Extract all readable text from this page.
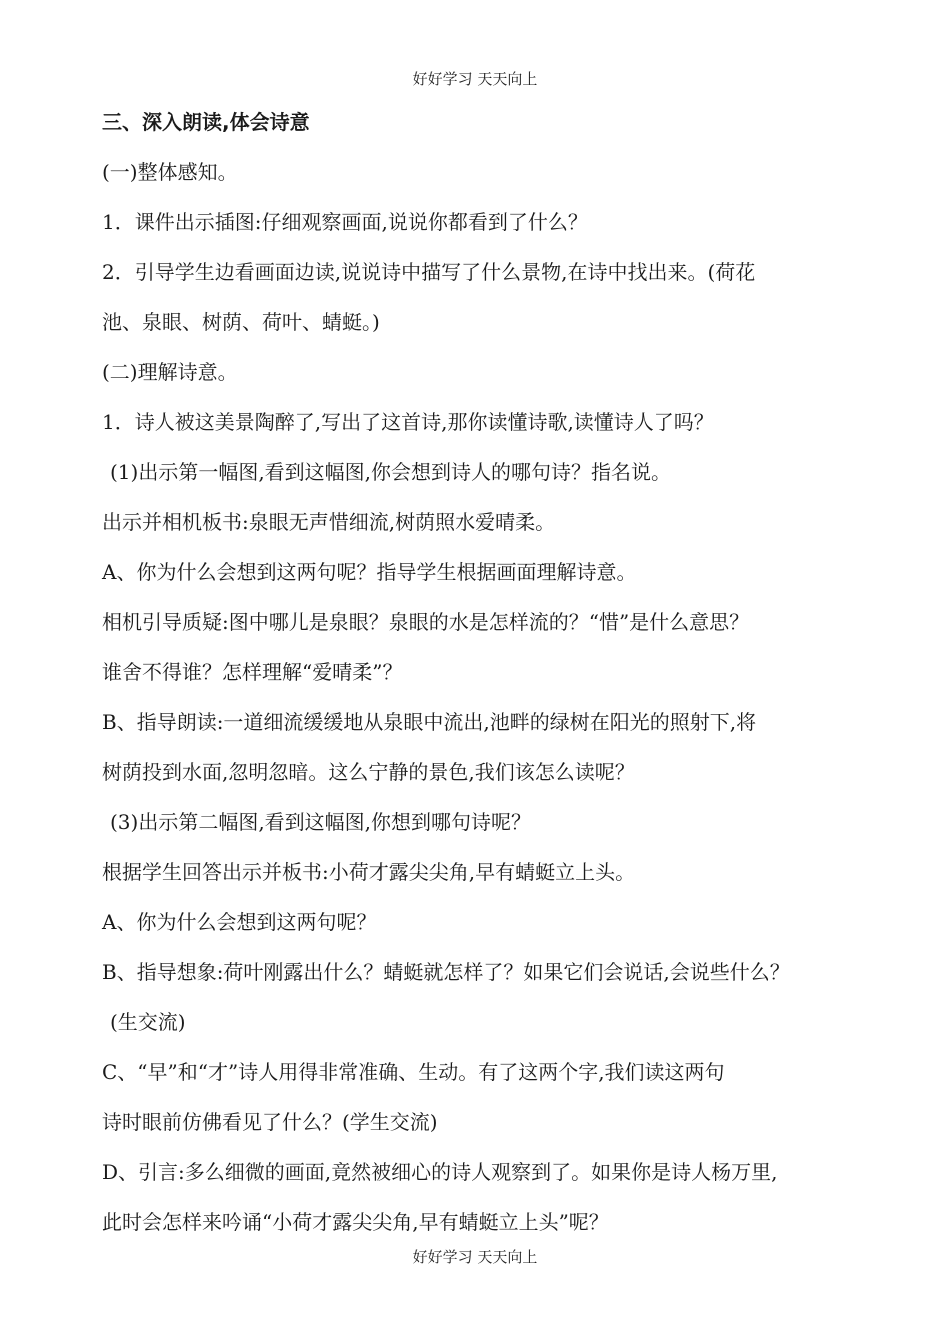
好好学习 天天向上
三、深入朗读,体会诗意
(一)整体感知。
1．课件出示插图:仔细观察画面,说说你都看到了什么？
2．引导学生边看画面边读,说说诗中描写了什么景物,在诗中找出来。(荷花
池、泉眼、树荫、荷叶、蜻蜓。)
(二)理解诗意。
1．诗人被这美景陶醉了,写出了这首诗,那你读懂诗歌,读懂诗人了吗？
(1)出示第一幅图,看到这幅图,你会想到诗人的哪句诗？指名说。
出示并相机板书:泉眼无声惜细流,树荫照水爱晴柔。
A、你为什么会想到这两句呢？指导学生根据画面理解诗意。
相机引导质疑:图中哪儿是泉眼？泉眼的水是怎样流的？“惜”是什么意思？
谁舍不得谁？怎样理解“爱晴柔”？
B、指导朗读:一道细流缓缓地从泉眼中流出,池畔的绿树在阳光的照射下,将
树荫投到水面,忽明忽暗。这么宁静的景色,我们该怎么读呢？
(3)出示第二幅图,看到这幅图,你想到哪句诗呢？
根据学生回答出示并板书:小荷才露尖尖角,早有蜻蜓立上头。
A、你为什么会想到这两句呢？
B、指导想象:荷叶刚露出什么？蜻蜓就怎样了？如果它们会说话,会说些什么？
(生交流)
C、“早”和“才”诗人用得非常准确、生动。有了这两个字,我们读这两句
诗时眼前仿佛看见了什么？(学生交流)
D、引言:多么细微的画面,竟然被细心的诗人观察到了。如果你是诗人杨万里,
此时会怎样来吟诵“小荷才露尖尖角,早有蜻蜓立上头”呢？
好好学习 天天向上
